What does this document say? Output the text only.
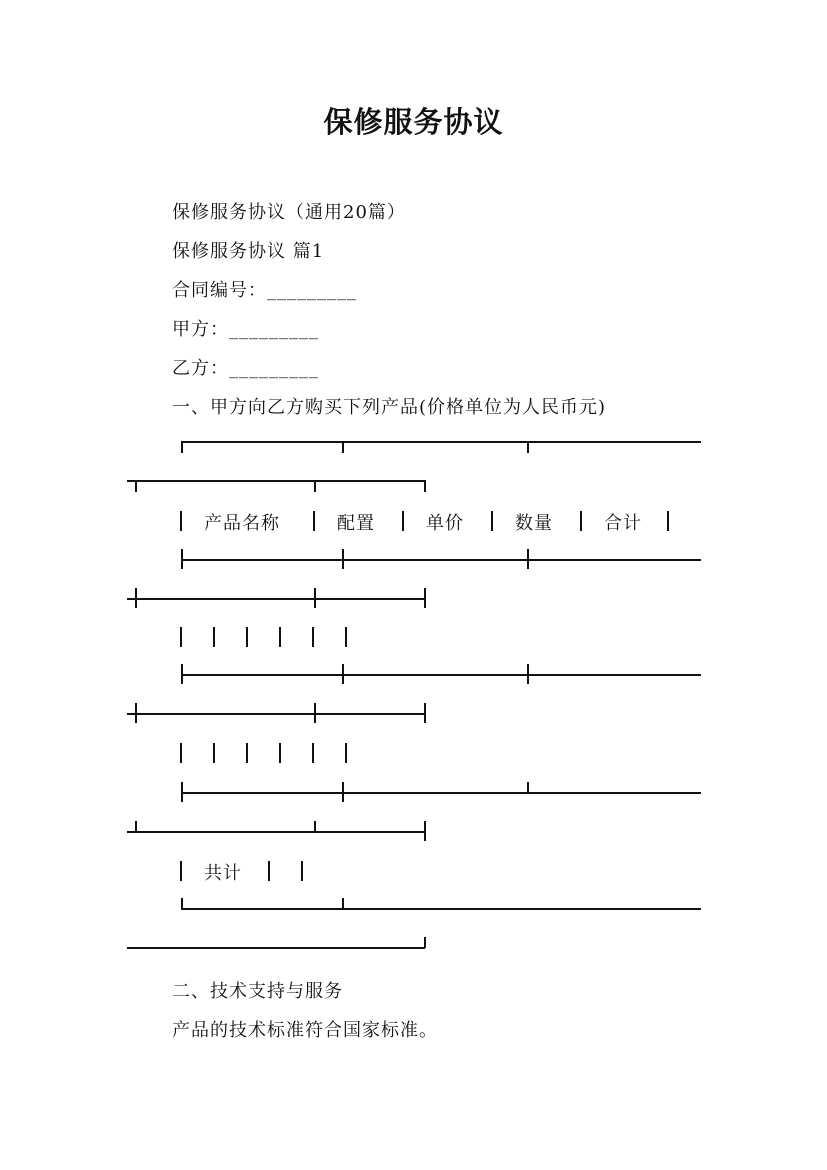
保修服务协议
保修服务协议（通用20篇）
保修服务协议 篇1
合同编号：_________
甲方：_________
乙方：_________
一、甲方向乙方购买下列产品(价格单位为人民币元)
产品名称	配置	单价	数量	合计
共计
二、技术支持与服务
产品的技术标准符合国家标准。
